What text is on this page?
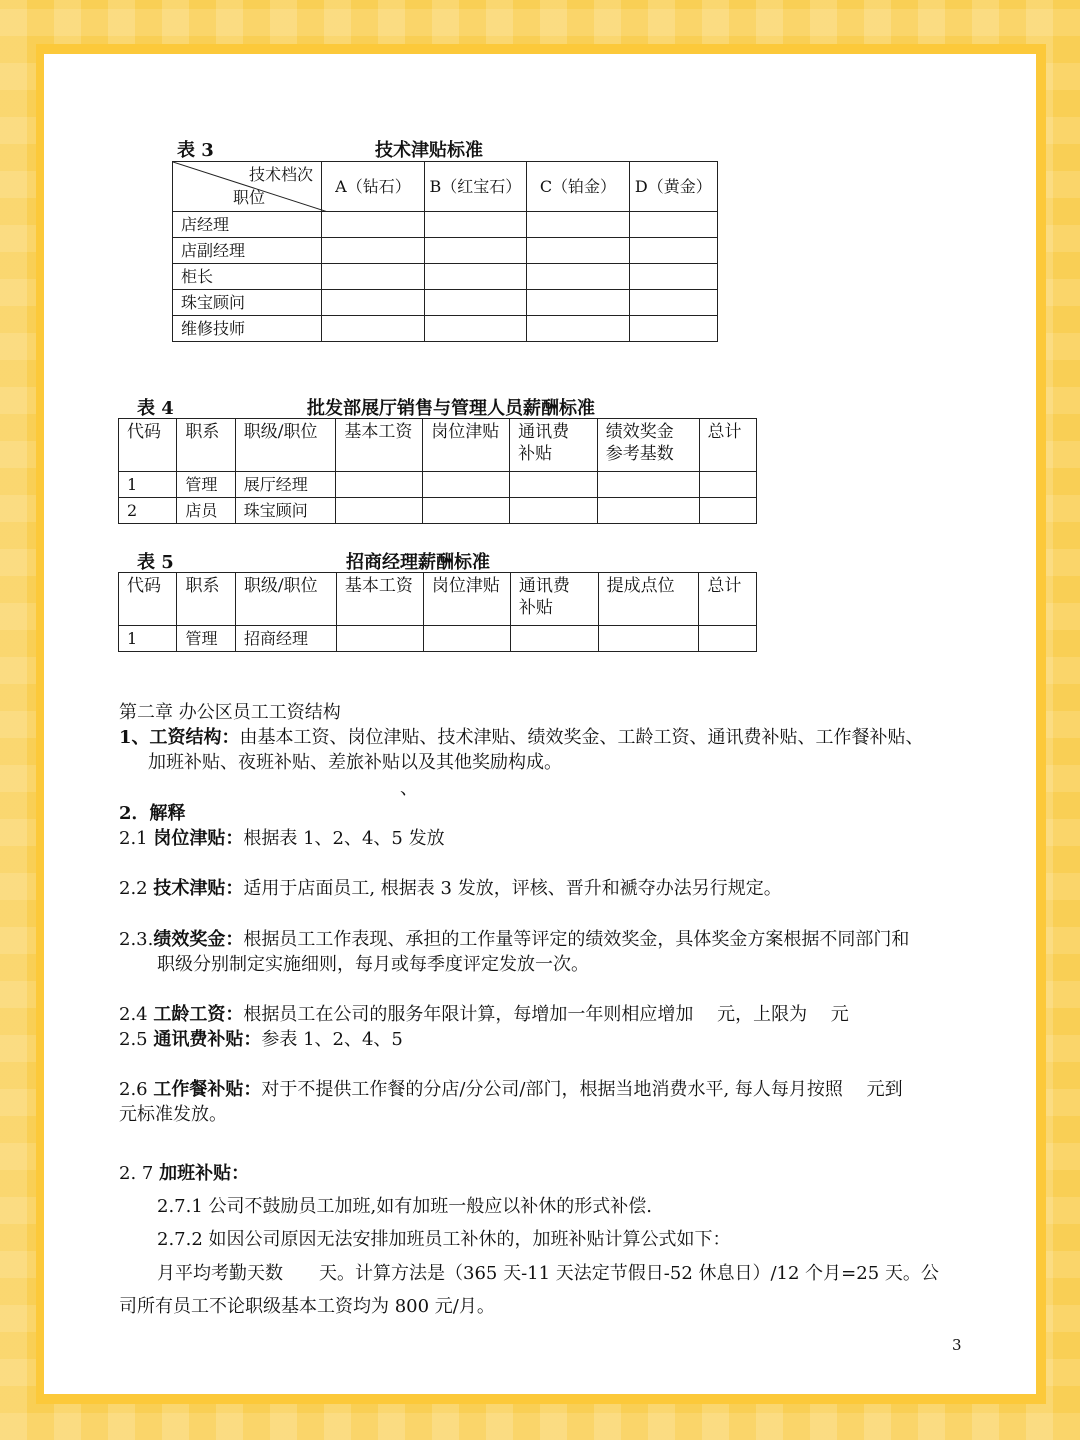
表 3	技术津贴标准
技术档次
职位	A（钻石）	B（红宝石）	C（铂金）	D（黄金）
店经理				
店副经理				
柜长				
珠宝顾问				
维修技师				
表 4	批发部展厅销售与管理人员薪酬标准
代码	职系	职级/职位	基本工资	岗位津贴	通讯费补贴	绩效奖金参考基数	总计
1	管理	展厅经理					
2	店员	珠宝顾问					
表 5	招商经理薪酬标准
代码	职系	职级/职位	基本工资	岗位津贴	通讯费补贴	提成点位	总计
1	管理	招商经理					
第二章 办公区员工工资结构
1、工资结构：由基本工资、岗位津贴、技术津贴、绩效奖金、工龄工资、通讯费补贴、工作餐补贴、
加班补贴、夜班补贴、差旅补贴以及其他奖励构成。
、
2．解释
2.1 岗位津贴：根据表 1、2、4、5 发放
2.2 技术津贴：适用于店面员工, 根据表 3 发放，评核、晋升和褫夺办法另行规定。
2.3.绩效奖金：根据员工工作表现、承担的工作量等评定的绩效奖金，具体奖金方案根据不同部门和
职级分别制定实施细则，每月或每季度评定发放一次。
2.4 工龄工资：根据员工在公司的服务年限计算，每增加一年则相应增加　 元，上限为　 元
2.5 通讯费补贴：参表 1、2、4、5
2.6 工作餐补贴：对于不提供工作餐的分店/分公司/部门，根据当地消费水平, 每人每月按照　 元到
元标准发放。
2. 7 加班补贴：
2.7.1 公司不鼓励员工加班,如有加班一般应以补休的形式补偿.
2.7.2 如因公司原因无法安排加班员工补休的，加班补贴计算公式如下：
月平均考勤天数　　天。计算方法是（365 天-11 天法定节假日-52 休息日）/12 个月=25 天。公
司所有员工不论职级基本工资均为 800 元/月。
3
